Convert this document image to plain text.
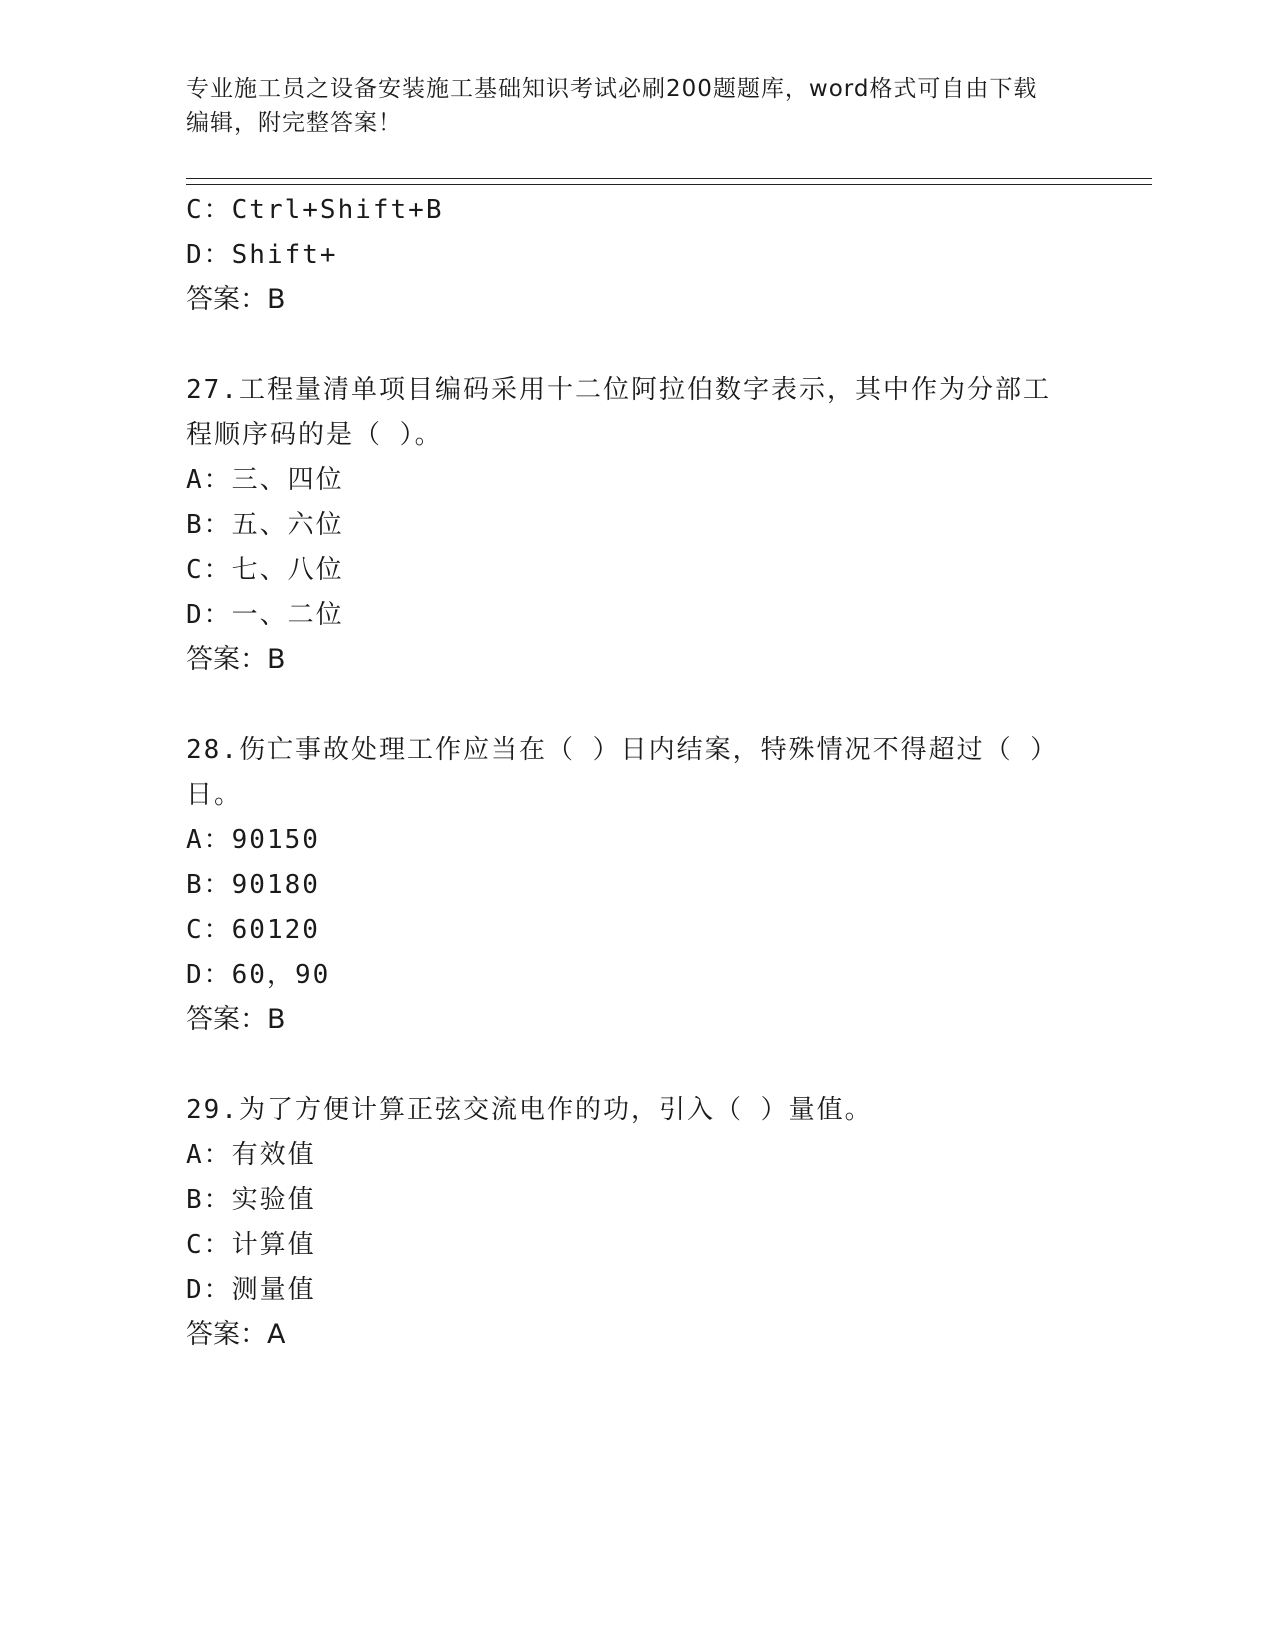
专业施工员之设备安装施工基础知识考试必刷200题题库，word格式可自由下载
编辑，附完整答案！
C：Ctrl+Shift+B
D：Shift+
答案：B
27.工程量清单项目编码采用十二位阿拉伯数字表示，其中作为分部工
程顺序码的是（ ）。
A：三、四位
B：五、六位
C：七、八位
D：一、二位
答案：B
28.伤亡事故处理工作应当在（ ）日内结案，特殊情况不得超过（ ）
日。
A：90150
B：90180
C：60120
D：60，90
答案：B
29.为了方便计算正弦交流电作的功，引入（ ）量值。
A：有效值
B：实验值
C：计算值
D：测量值
答案：A
